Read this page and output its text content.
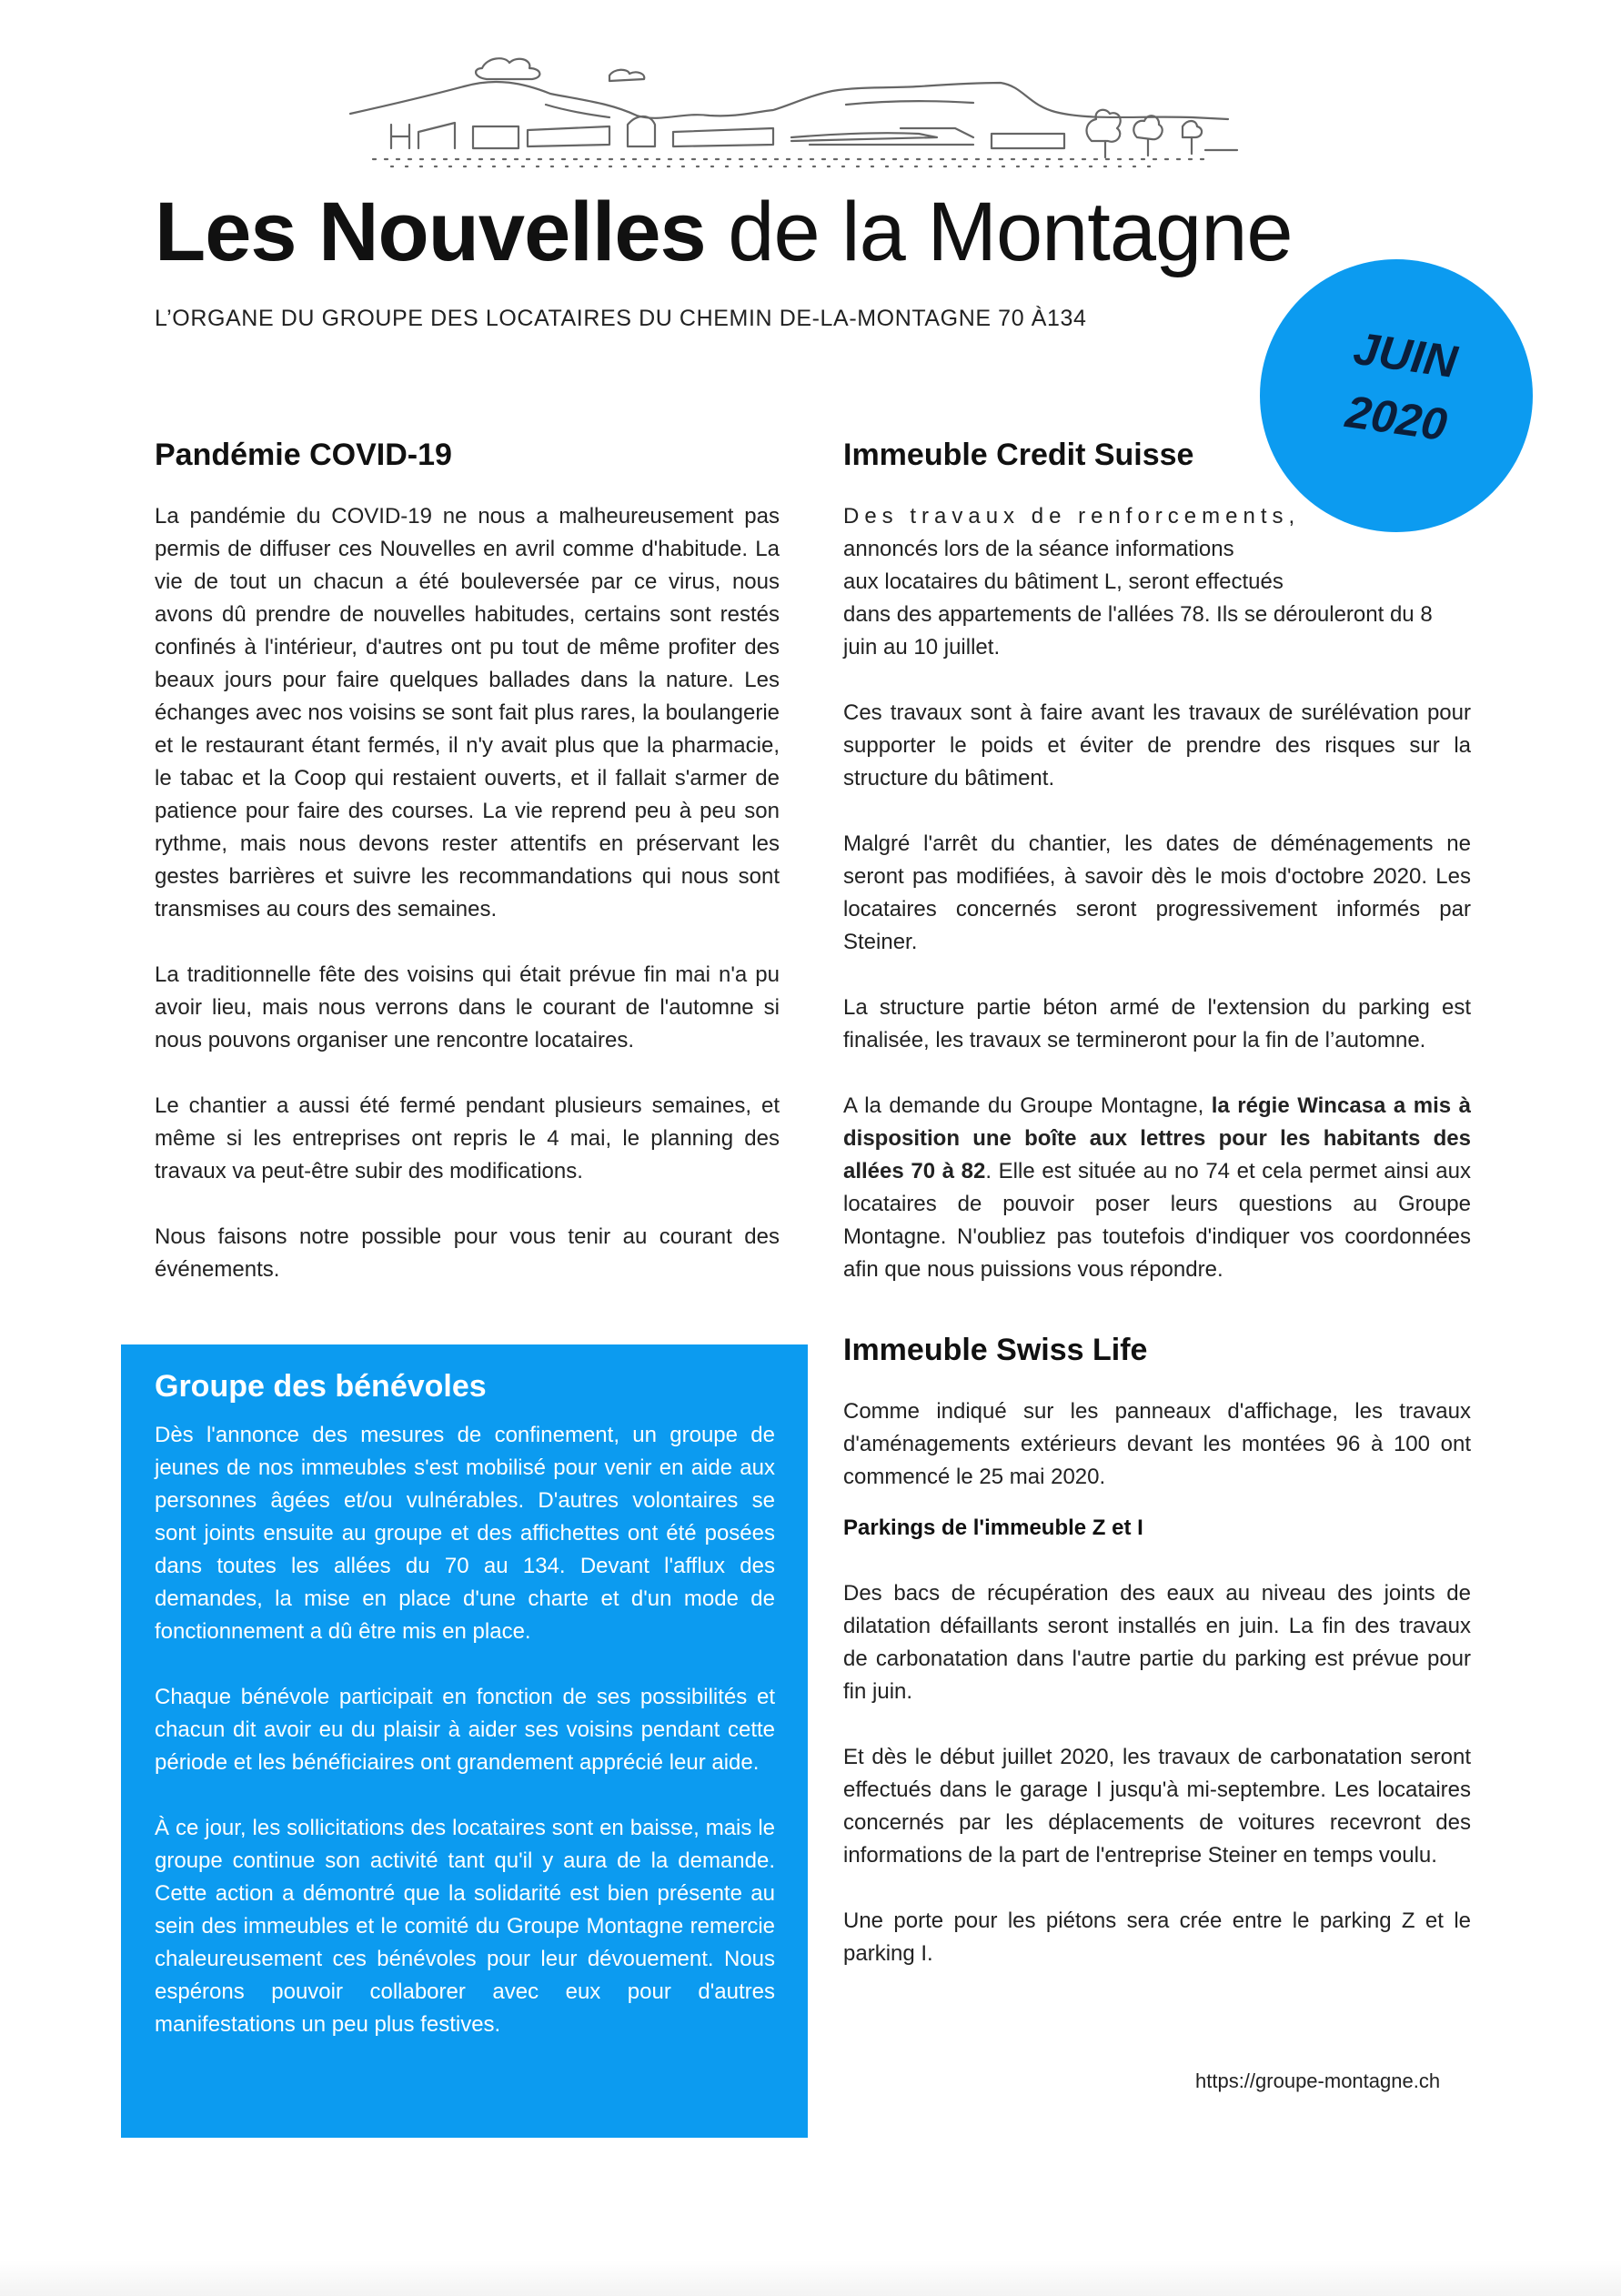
Les Nouvelles de la Montagne
L’ORGANE DU GROUPE DES LOCATAIRES DU CHEMIN DE-LA-MONTAGNE 70 À134
JUIN
2020
Pandémie COVID-19

La pandémie du COVID-19 ne nous a malheureusement pas permis de diffuser ces Nouvelles en avril comme d'habitude. La vie de tout un chacun a été bouleversée par ce virus, nous avons dû prendre de nouvelles habitudes, certains sont restés confinés à l'intérieur, d'autres ont pu tout de même profiter des beaux jours pour faire quelques ballades dans la nature. Les échanges avec nos voisins se sont fait plus rares, la boulangerie et le restaurant étant fermés, il n'y avait plus que la pharmacie, le tabac et la Coop qui restaient ouverts, et il fallait s'armer de patience pour faire des courses. La vie reprend peu à peu son rythme, mais nous devons rester attentifs en préservant les gestes barrières et suivre les recommandations qui nous sont transmises au cours des semaines.

La traditionnelle fête des voisins qui était prévue fin mai n'a pu avoir lieu, mais nous verrons dans le courant de l'automne si nous pouvons organiser une rencontre locataires.

Le chantier a aussi été fermé pendant plusieurs semaines, et même si les entreprises ont repris le 4 mai, le planning des travaux va peut-être subir des modifications.

Nous faisons notre possible pour vous tenir au courant des événements.

Groupe des bénévoles

Dès l'annonce des mesures de confinement, un groupe de jeunes de nos immeubles s'est mobilisé pour venir en aide aux personnes âgées et/ou vulnérables. D'autres volontaires se sont joints ensuite au groupe et des affichettes ont été posées dans toutes les allées du 70 au 134. Devant l'afflux des demandes, la mise en place d'une charte et d'un mode de fonctionnement a dû être mis en place.

Chaque bénévole participait en fonction de ses possibilités et chacun dit avoir eu du plaisir à aider ses voisins pendant cette période et les bénéficiaires ont grandement apprécié leur aide.

À ce jour, les sollicitations des locataires sont en baisse, mais le groupe continue son activité tant qu'il y aura de la demande. Cette action a démontré que la solidarité est bien présente au sein des immeubles et le comité du Groupe Montagne remercie chaleureusement ces bénévoles pour leur dévouement. Nous espérons pouvoir collaborer avec eux pour d'autres manifestations un peu plus festives.

Immeuble Credit Suisse

Des travaux de renforcements,
annoncés lors de la séance informations
aux locataires du bâtiment L, seront effectués
dans des appartements de l'allées 78. Ils se dérouleront du 8 juin au 10 juillet.

Ces travaux sont à faire avant les travaux de surélévation pour supporter le poids et éviter de prendre des risques sur la structure du bâtiment.

Malgré l'arrêt du chantier, les dates de déménagements ne seront pas modifiées, à savoir dès le mois d'octobre 2020. Les locataires concernés seront progressivement informés par Steiner.

La structure partie béton armé de l'extension du parking est finalisée, les travaux se termineront pour la fin de l’automne.

A la demande du Groupe Montagne, la régie Wincasa a mis à disposition une boîte aux lettres pour les habitants des allées 70 à 82. Elle est située au no 74 et cela permet ainsi aux locataires de pouvoir poser leurs questions au Groupe Montagne. N'oubliez pas toutefois d'indiquer vos coordonnées afin que nous puissions vous répondre.

Immeuble Swiss Life

Comme indiqué sur les panneaux d'affichage, les travaux d'aménagements extérieurs devant les montées 96 à 100 ont commencé le 25 mai 2020.

Parkings de l'immeuble Z et I

Des bacs de récupération des eaux au niveau des joints de dilatation défaillants seront installés en juin. La fin des travaux de carbonatation dans l'autre partie du parking est prévue pour fin juin.

Et dès le début juillet 2020, les travaux de carbonatation seront effectués dans le garage I jusqu'à mi-septembre. Les locataires concernés par les déplacements de voitures recevront des informations de la part de l'entreprise Steiner en temps voulu.

Une porte pour les piétons sera crée entre le parking Z et le parking I.

https://groupe-montagne.ch
